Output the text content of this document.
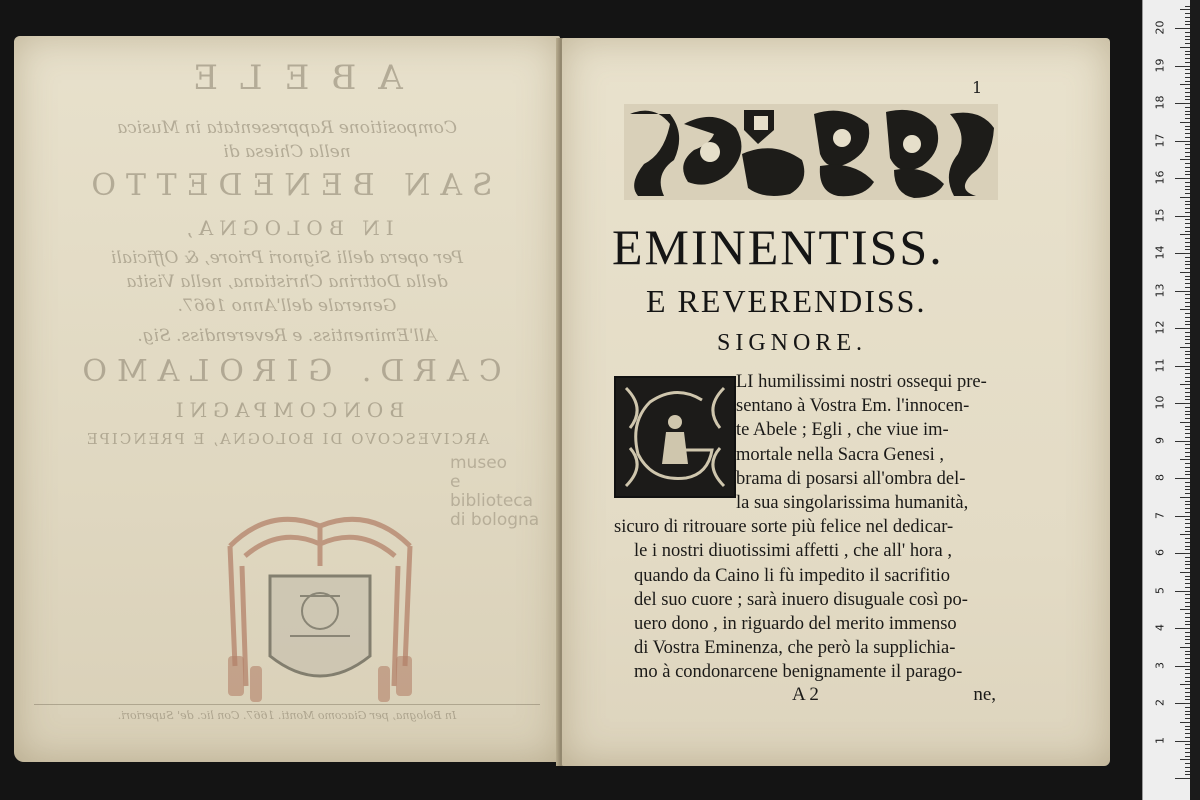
ABELE
Compositione Rappresentata in Musica
nella Chiesa di
SAN BENEDETTO
IN BOLOGNA,
Per opera delli Signori Priore, & Officiali
della Dottrina Christiana, nella Visita
Generale dell'Anno 1667.
All'Eminentiss. e Reverendiss. Sig.
CARD. GIROLAMO
BONCOMPAGNI
ARCIVESCOVO DI BOLOGNA, E PRENCIPE
In Bologna, per Giacomo Monti. 1667. Con lic. de' Superiori.
museo
e
biblioteca
di bologna
1
EMINENTISS.
E REVERENDISS.
SIGNORE.
LI humilissimi nostri ossequi pre-
sentano à Vostra Em. l'innocen-
te Abele ; Egli , che viue im-
mortale nella Sacra Genesi ,
brama di posarsi all'ombra del-
la sua singolarissima humanità,
sicuro di ritrouare sorte più felice nel dedicar-
le i nostri diuotissimi affetti , che all' hora ,
quando da Caino li fù impedito il sacrifitio
del suo cuore ; sarà inuero disuguale così po-
uero dono , in riguardo del merito immenso
di Vostra Eminenza, che però la supplichia-
mo à condonarcene benignamente il parago-
A 2	ne,
1
2
3
4
5
6
7
8
9
10
11
12
13
14
15
16
17
18
19
20
